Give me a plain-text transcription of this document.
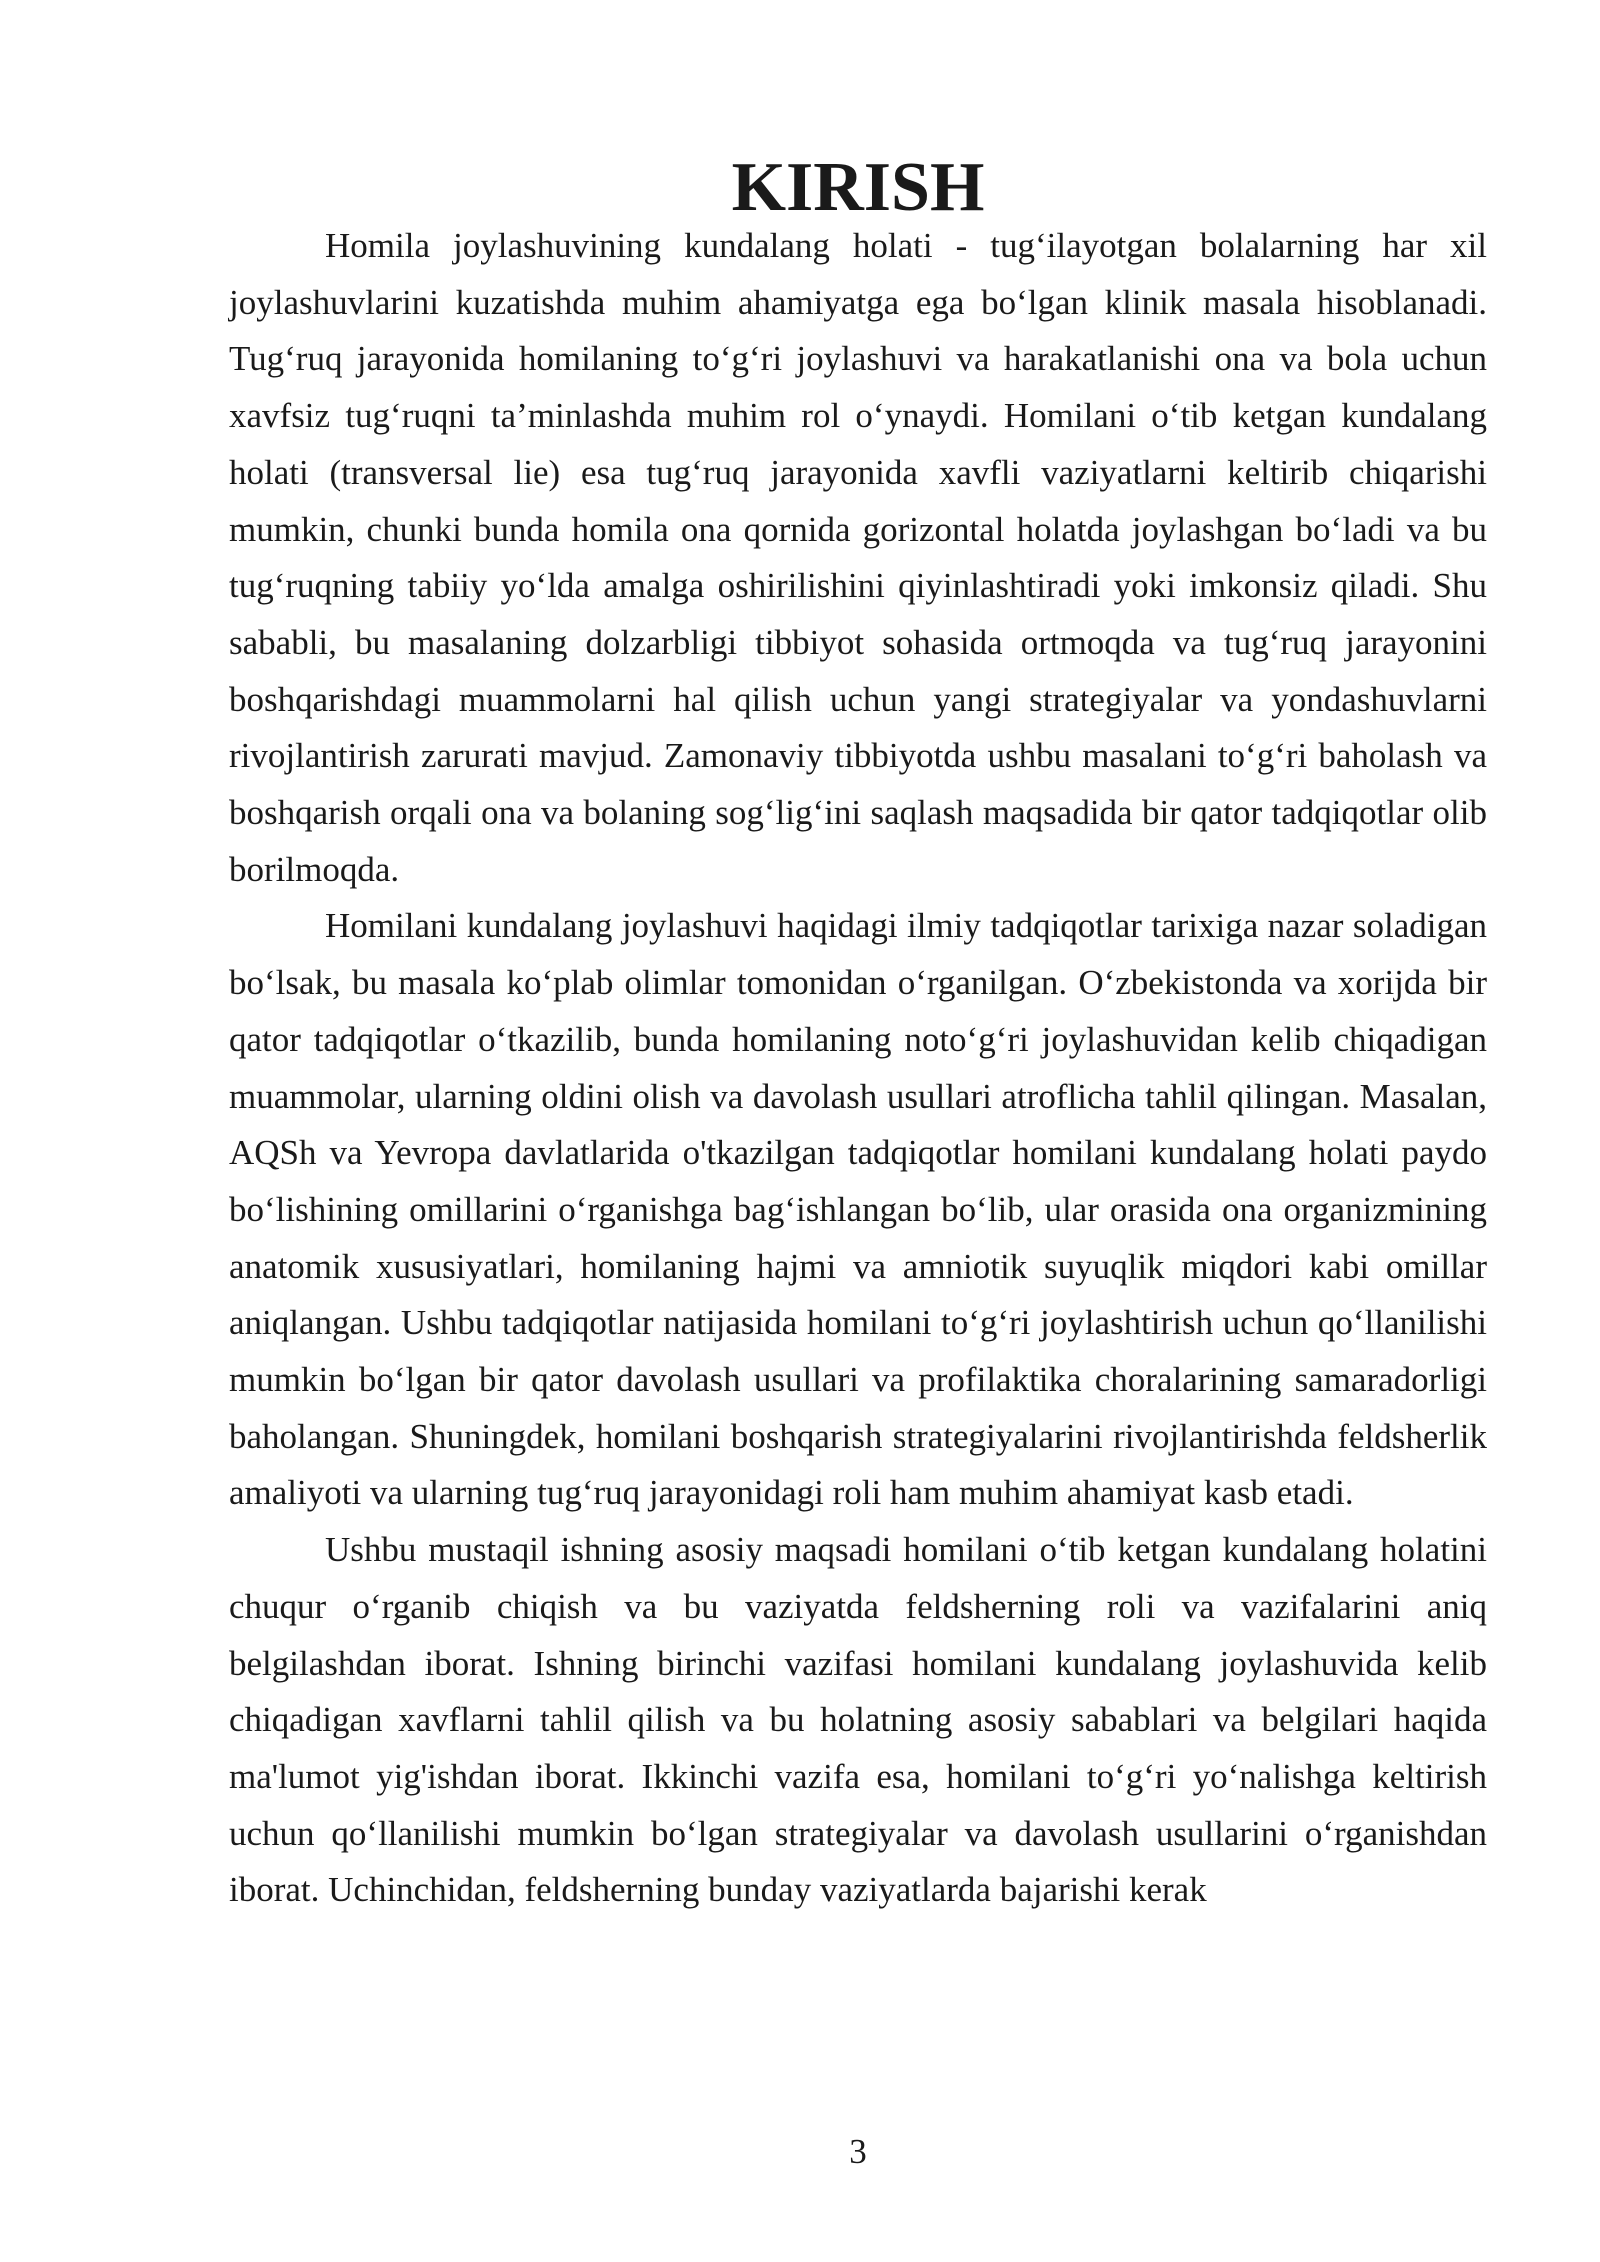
KIRISH

Homila joylashuvining kundalang holati - tug‘ilayotgan bolalarning har xil joylashuvlarini kuzatishda muhim ahamiyatga ega bo‘lgan klinik masala hisoblanadi. Tug‘ruq jarayonida homilaning to‘g‘ri joylashuvi va harakatlanishi ona va bola uchun xavfsiz tug‘ruqni ta’minlashda muhim rol o‘ynaydi. Homilani o‘tib ketgan kundalang holati (transversal lie) esa tug‘ruq jarayonida xavfli vaziyatlarni keltirib chiqarishi mumkin, chunki bunda homila ona qornida gorizontal holatda joylashgan bo‘ladi va bu tug‘ruqning tabiiy yo‘lda amalga oshirilishini qiyinlashtiradi yoki imkonsiz qiladi. Shu sababli, bu masalaning dolzarbligi tibbiyot sohasida ortmoqda va tug‘ruq jarayonini boshqarishdagi muammolarni hal qilish uchun yangi strategiyalar va yondashuvlarni rivojlantirish zarurati mavjud. Zamonaviy tibbiyotda ushbu masalani to‘g‘ri baholash va boshqarish orqali ona va bolaning sog‘lig‘ini saqlash maqsadida bir qator tadqiqotlar olib borilmoqda.

Homilani kundalang joylashuvi haqidagi ilmiy tadqiqotlar tarixiga nazar soladigan bo‘lsak, bu masala ko‘plab olimlar tomonidan o‘rganilgan. O‘zbekistonda va xorijda bir qator tadqiqotlar o‘tkazilib, bunda homilaning noto‘g‘ri joylashuvidan kelib chiqadigan muammolar, ularning oldini olish va davolash usullari atroflicha tahlil qilingan. Masalan, AQSh va Yevropa davlatlarida o'tkazilgan tadqiqotlar homilani kundalang holati paydo bo‘lishining omillarini o‘rganishga bag‘ishlangan bo‘lib, ular orasida ona organizmining anatomik xususiyatlari, homilaning hajmi va amniotik suyuqlik miqdori kabi omillar aniqlangan. Ushbu tadqiqotlar natijasida homilani to‘g‘ri joylashtirish uchun qo‘llanilishi mumkin bo‘lgan bir qator davolash usullari va profilaktika choralarining samaradorligi baholangan. Shuningdek, homilani boshqarish strategiyalarini rivojlantirishda feldsherlik amaliyoti va ularning tug‘ruq jarayonidagi roli ham muhim ahamiyat kasb etadi.

Ushbu mustaqil ishning asosiy maqsadi homilani o‘tib ketgan kundalang holatini chuqur o‘rganib chiqish va bu vaziyatda feldsherning roli va vazifalarini aniq belgilashdan iborat. Ishning birinchi vazifasi homilani kundalang joylashuvida kelib chiqadigan xavflarni tahlil qilish va bu holatning asosiy sabablari va belgilari haqida ma'lumot yig'ishdan iborat. Ikkinchi vazifa esa, homilani to‘g‘ri yo‘nalishga keltirish uchun qo‘llanilishi mumkin bo‘lgan strategiyalar va davolash usullarini o‘rganishdan iborat. Uchinchidan, feldsherning bunday vaziyatlarda bajarishi kerak

3
